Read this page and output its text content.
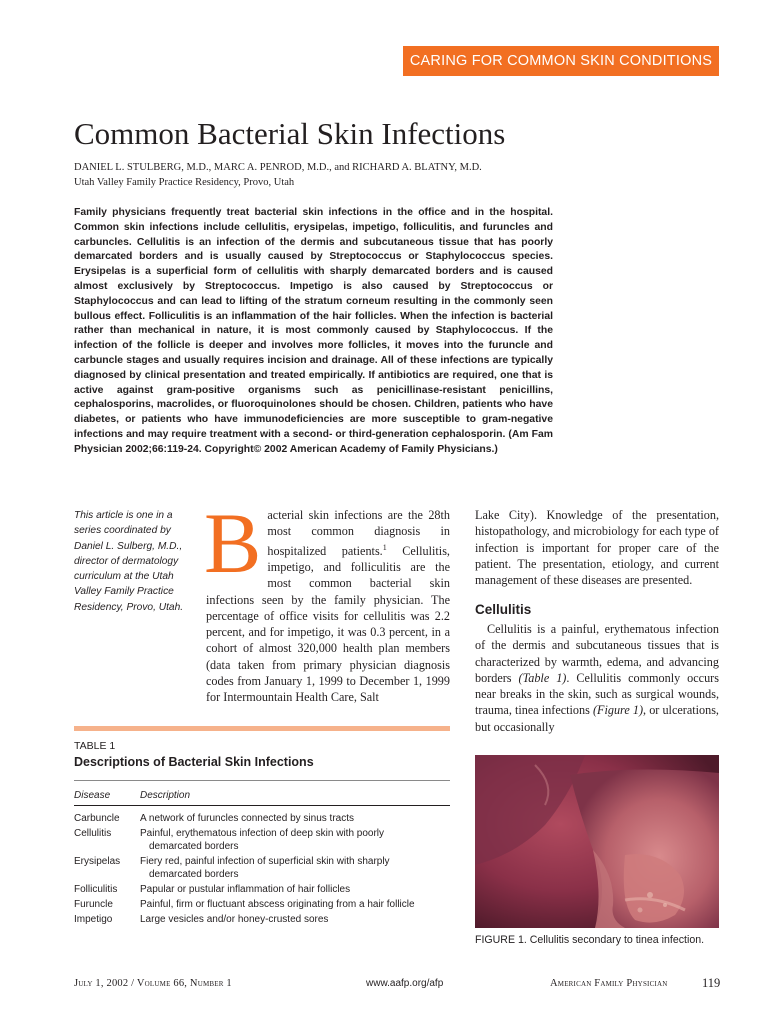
CARING FOR COMMON SKIN CONDITIONS
Common Bacterial Skin Infections
DANIEL L. STULBERG, M.D., MARC A. PENROD, M.D., and RICHARD A. BLATNY, M.D.
Utah Valley Family Practice Residency, Provo, Utah

Family physicians frequently treat bacterial skin infections in the office and in the hospital. Common skin infections include cellulitis, erysipelas, impetigo, folliculitis, and furuncles and carbuncles. Cellulitis is an infection of the dermis and subcutaneous tissue that has poorly demarcated borders and is usually caused by Streptococcus or Staphylococcus species. Erysipelas is a superficial form of cellulitis with sharply demarcated borders and is caused almost exclusively by Streptococcus. Impetigo is also caused by Streptococcus or Staphylococcus and can lead to lifting of the stratum corneum resulting in the commonly seen bullous effect. Folliculitis is an inflammation of the hair follicles. When the infection is bacterial rather than mechanical in nature, it is most commonly caused by Staphylococcus. If the infection of the follicle is deeper and involves more follicles, it moves into the furuncle and carbuncle stages and usually requires incision and drainage. All of these infections are typically diagnosed by clinical presentation and treated empirically. If antibiotics are required, one that is active against gram-positive organisms such as penicillinase-resistant penicillins, cephalosporins, macrolides, or fluoroquinolones should be chosen. Children, patients who have diabetes, or patients who have immunodeficiencies are more susceptible to gram-negative infections and may require treatment with a second- or third-generation cephalosporin. (Am Fam Physician 2002;66:119-24. Copyright© 2002 American Academy of Family Physicians.)

This article is one in a series coordinated by Daniel L. Sulberg, M.D., director of dermatology curriculum at the Utah Valley Family Practice Residency, Provo, Utah.

Bacterial skin infections are the 28th most common diagnosis in hospitalized patients.$^1$ Cellulitis, impetigo, and folliculitis are the most common bacterial skin infections seen by the family physician. The percentage of office visits for cellulitis was 2.2 percent, and for impetigo, it was 0.3 percent, in a cohort of almost 320,000 health plan members (data taken from primary physician diagnosis codes from January 1, 1999 to December 1, 1999 for Intermountain Health Care, Salt

Lake City). Knowledge of the presentation, histopathology, and microbiology for each type of infection is important for proper care of the patient. The presentation, etiology, and current management of these diseases are presented.

Cellulitis

Cellulitis is a painful, erythematous infection of the dermis and subcutaneous tissues that is characterized by warmth, edema, and advancing borders (Table 1). Cellulitis commonly occurs near breaks in the skin, such as surgical wounds, trauma, tinea infections (Figure 1), or ulcerations, but occasionally

TABLE 1
Descriptions of Bacterial Skin Infections
Disease	Description
Carbuncle	A network of furuncles connected by sinus tracts
Cellulitis	Painful, erythematous infection of deep skin with poorly
demarcated borders
Erysipelas	Fiery red, painful infection of superficial skin with sharply
demarcated borders
Folliculitis	Papular or pustular inflammation of hair follicles
Furuncle	Painful, firm or fluctuant abscess originating from a hair follicle
Impetigo	Large vesicles and/or honey-crusted sores
FIGURE 1. Cellulitis secondary to tinea infection.
July 1, 2002 / Volume 66, Number 1	www.aafp.org/afp	American Family Physician	119
